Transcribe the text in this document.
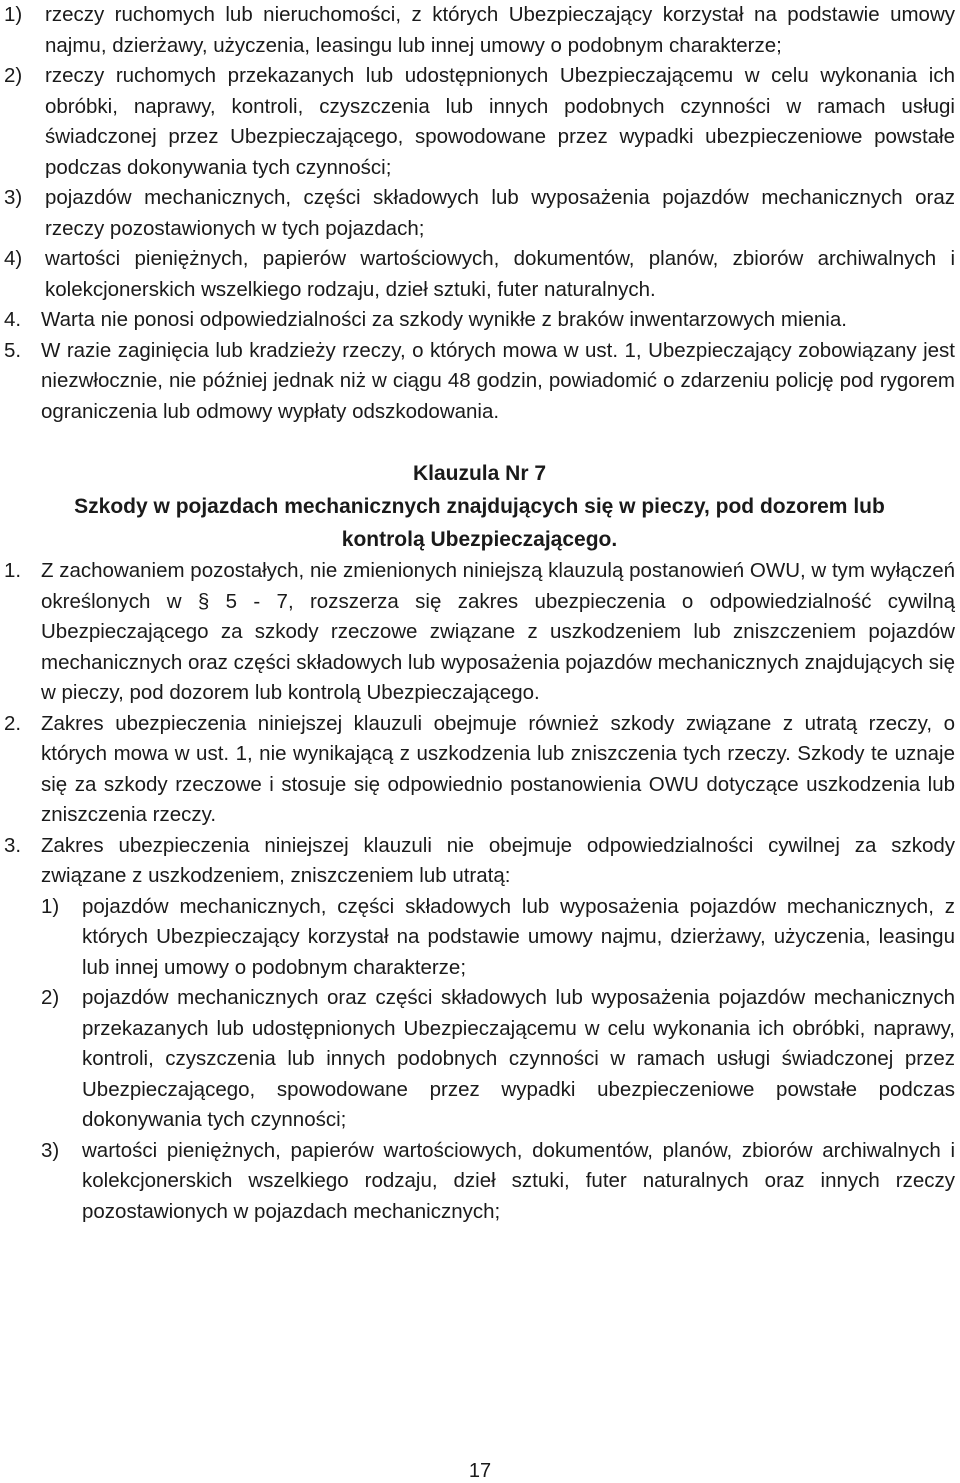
1)	rzeczy ruchomych lub nieruchomości, z których Ubezpieczający korzystał na podstawie umowy najmu, dzierżawy, użyczenia, leasingu lub innej umowy o podobnym charakterze;
2)	rzeczy ruchomych przekazanych lub udostępnionych Ubezpieczającemu w celu wykonania ich obróbki, naprawy, kontroli, czyszczenia lub innych podobnych czynności w ramach usługi świadczonej przez Ubezpieczającego, spowodowane przez wypadki ubezpieczeniowe powstałe podczas dokonywania tych czynności;
3)	pojazdów mechanicznych, części składowych lub wyposażenia pojazdów mechanicznych oraz rzeczy pozostawionych w tych pojazdach;
4)	wartości pieniężnych, papierów wartościowych, dokumentów, planów, zbiorów archiwalnych i kolekcjonerskich wszelkiego rodzaju, dzieł sztuki, futer naturalnych.
4. Warta nie ponosi odpowiedzialności za szkody wynikłe z braków inwentarzowych mienia.
5. W razie zaginięcia lub kradzieży rzeczy, o których mowa w ust. 1, Ubezpieczający zobowiązany jest niezwłocznie, nie później jednak niż w ciągu 48 godzin, powiadomić o zdarzeniu policję pod rygorem ograniczenia lub odmowy wypłaty odszkodowania.
Klauzula Nr 7
Szkody w pojazdach mechanicznych znajdujących się w pieczy, pod dozorem lub
kontrolą Ubezpieczającego.
1. Z zachowaniem pozostałych, nie zmienionych niniejszą klauzulą postanowień OWU, w tym wyłączeń określonych w § 5 - 7, rozszerza się zakres ubezpieczenia o odpowiedzialność cywilną Ubezpieczającego za szkody rzeczowe związane z uszkodzeniem lub zniszczeniem pojazdów mechanicznych oraz części składowych lub wyposażenia pojazdów mechanicznych znajdujących się w pieczy, pod dozorem lub kontrolą Ubezpieczającego.
2. Zakres ubezpieczenia niniejszej klauzuli obejmuje również szkody związane z utratą rzeczy, o których mowa w ust. 1, nie wynikającą z uszkodzenia lub zniszczenia tych rzeczy. Szkody te uznaje się za szkody rzeczowe i stosuje się odpowiednio postanowienia OWU dotyczące uszkodzenia lub zniszczenia rzeczy.
3. Zakres ubezpieczenia niniejszej klauzuli nie obejmuje odpowiedzialności cywilnej za szkody związane z uszkodzeniem, zniszczeniem lub utratą:
1)	pojazdów mechanicznych, części składowych lub wyposażenia pojazdów mechanicznych, z których Ubezpieczający korzystał na podstawie umowy najmu, dzierżawy, użyczenia, leasingu lub innej umowy o podobnym charakterze;
2)	pojazdów mechanicznych oraz części składowych lub wyposażenia pojazdów mechanicznych przekazanych lub udostępnionych Ubezpieczającemu w celu wykonania ich obróbki, naprawy, kontroli, czyszczenia lub innych podobnych czynności w ramach usługi świadczonej przez Ubezpieczającego, spowodowane przez wypadki ubezpieczeniowe powstałe podczas dokonywania tych czynności;
3)	wartości pieniężnych, papierów wartościowych, dokumentów, planów, zbiorów archiwalnych i kolekcjonerskich wszelkiego rodzaju, dzieł sztuki, futer naturalnych oraz innych rzeczy pozostawionych w pojazdach mechanicznych;
17
